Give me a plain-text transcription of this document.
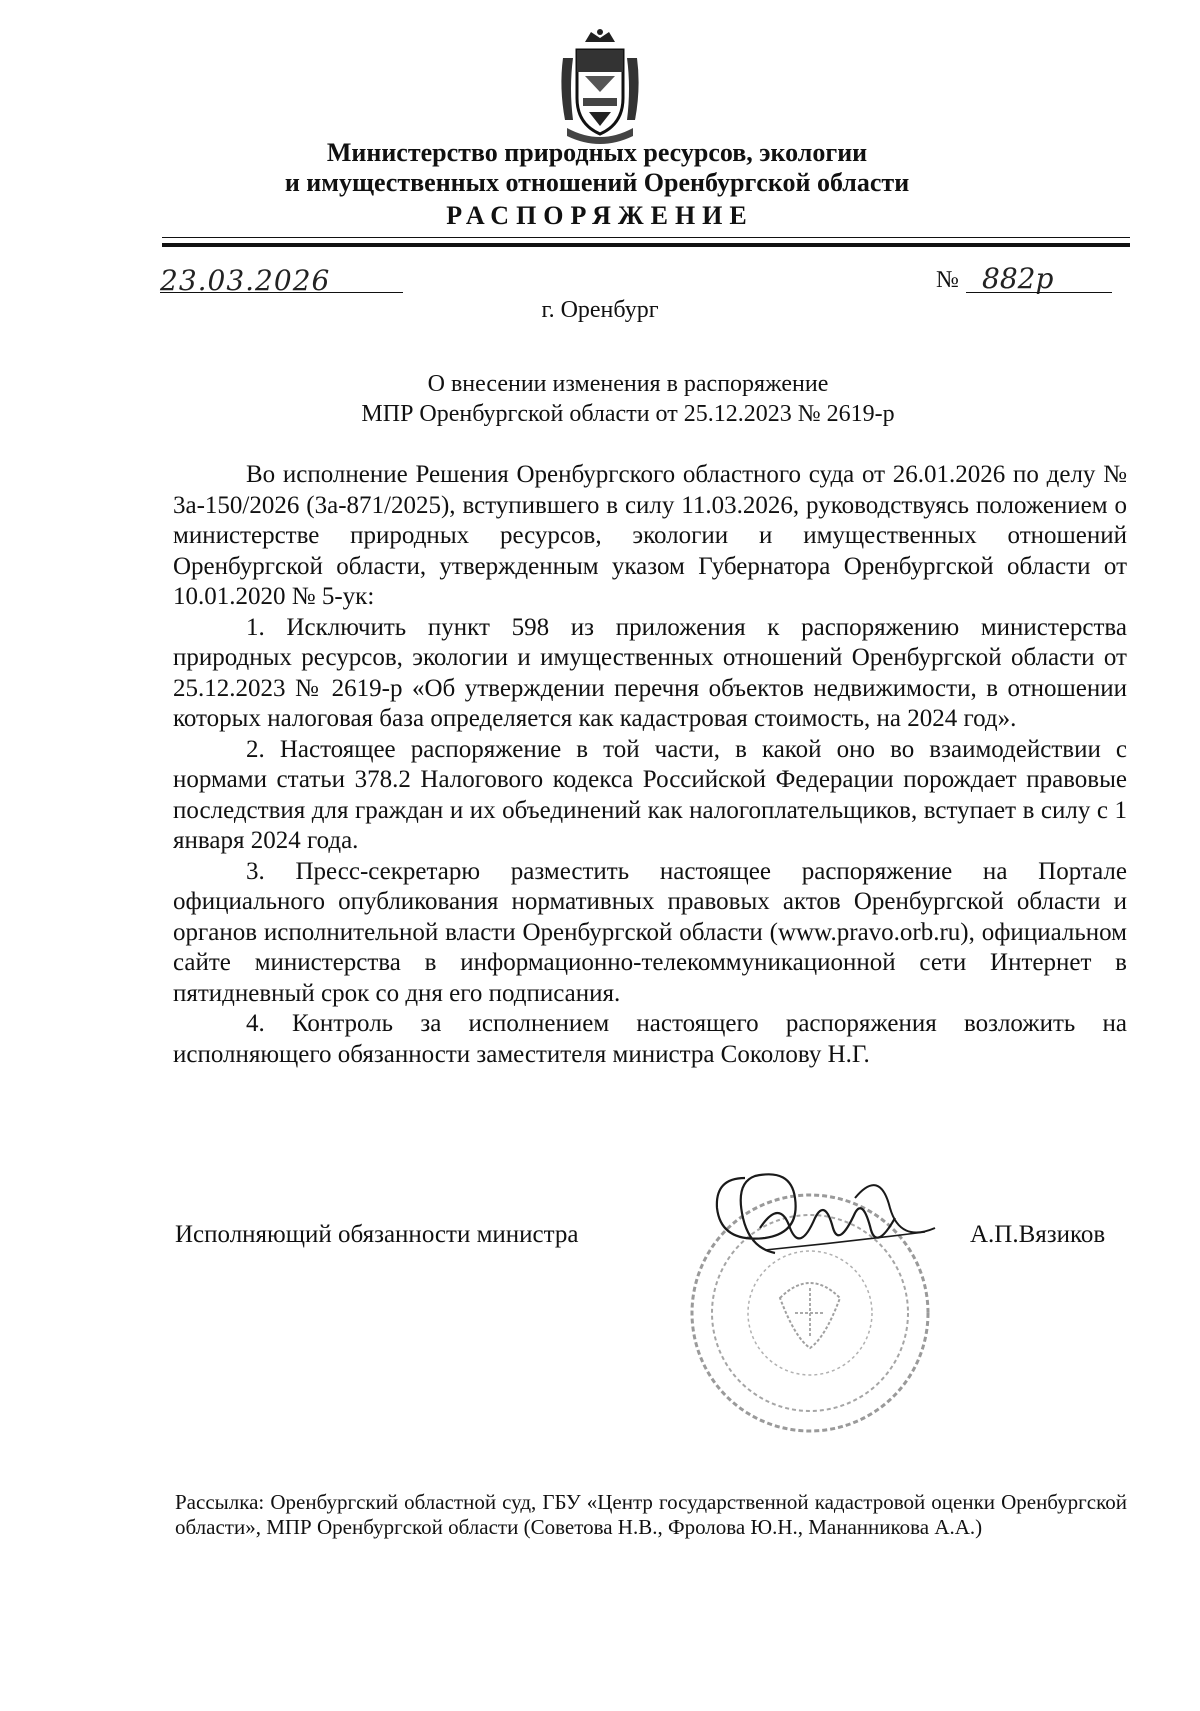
Министерство природных ресурсов, экологии
и имущественных отношений Оренбургской области
РАСПОРЯЖЕНИЕ
23.03.2026	№ 882р
г. Оренбург
О внесении изменения в распоряжение
МПР Оренбургской области от 25.12.2023 № 2619-р

Во исполнение Решения Оренбургского областного суда от 26.01.2026 по делу № 3а-150/2026 (3а-871/2025), вступившего в силу 11.03.2026, руководствуясь положением о министерстве природных ресурсов, экологии и имущественных отношений Оренбургской области, утвержденным указом Губернатора Оренбургской области от 10.01.2020 № 5-ук:

1. Исключить пункт 598 из приложения к распоряжению министерства природных ресурсов, экологии и имущественных отношений Оренбургской области от 25.12.2023 № 2619-р «Об утверждении перечня объектов недвижимости, в отношении которых налоговая база определяется как кадастровая стоимость, на 2024 год».

2. Настоящее распоряжение в той части, в какой оно во взаимодействии с нормами статьи 378.2 Налогового кодекса Российской Федерации порождает правовые последствия для граждан и их объединений как налогоплательщиков, вступает в силу с 1 января 2024 года.

3. Пресс-секретарю разместить настоящее распоряжение на Портале официального опубликования нормативных правовых актов Оренбургской области и органов исполнительной власти Оренбургской области (www.pravo.orb.ru), официальном сайте министерства в информационно-телекоммуникационной сети Интернет в пятидневный срок со дня его подписания.

4. Контроль за исполнением настоящего распоряжения возложить на исполняющего обязанности заместителя министра Соколову Н.Г.

Исполняющий обязанности министра	А.П.Вязиков
Рассылка: Оренбургский областной суд, ГБУ «Центр государственной кадастровой оценки Оренбургской области», МПР Оренбургской области (Советова Н.В., Фролова Ю.Н., Мананникова А.А.)
